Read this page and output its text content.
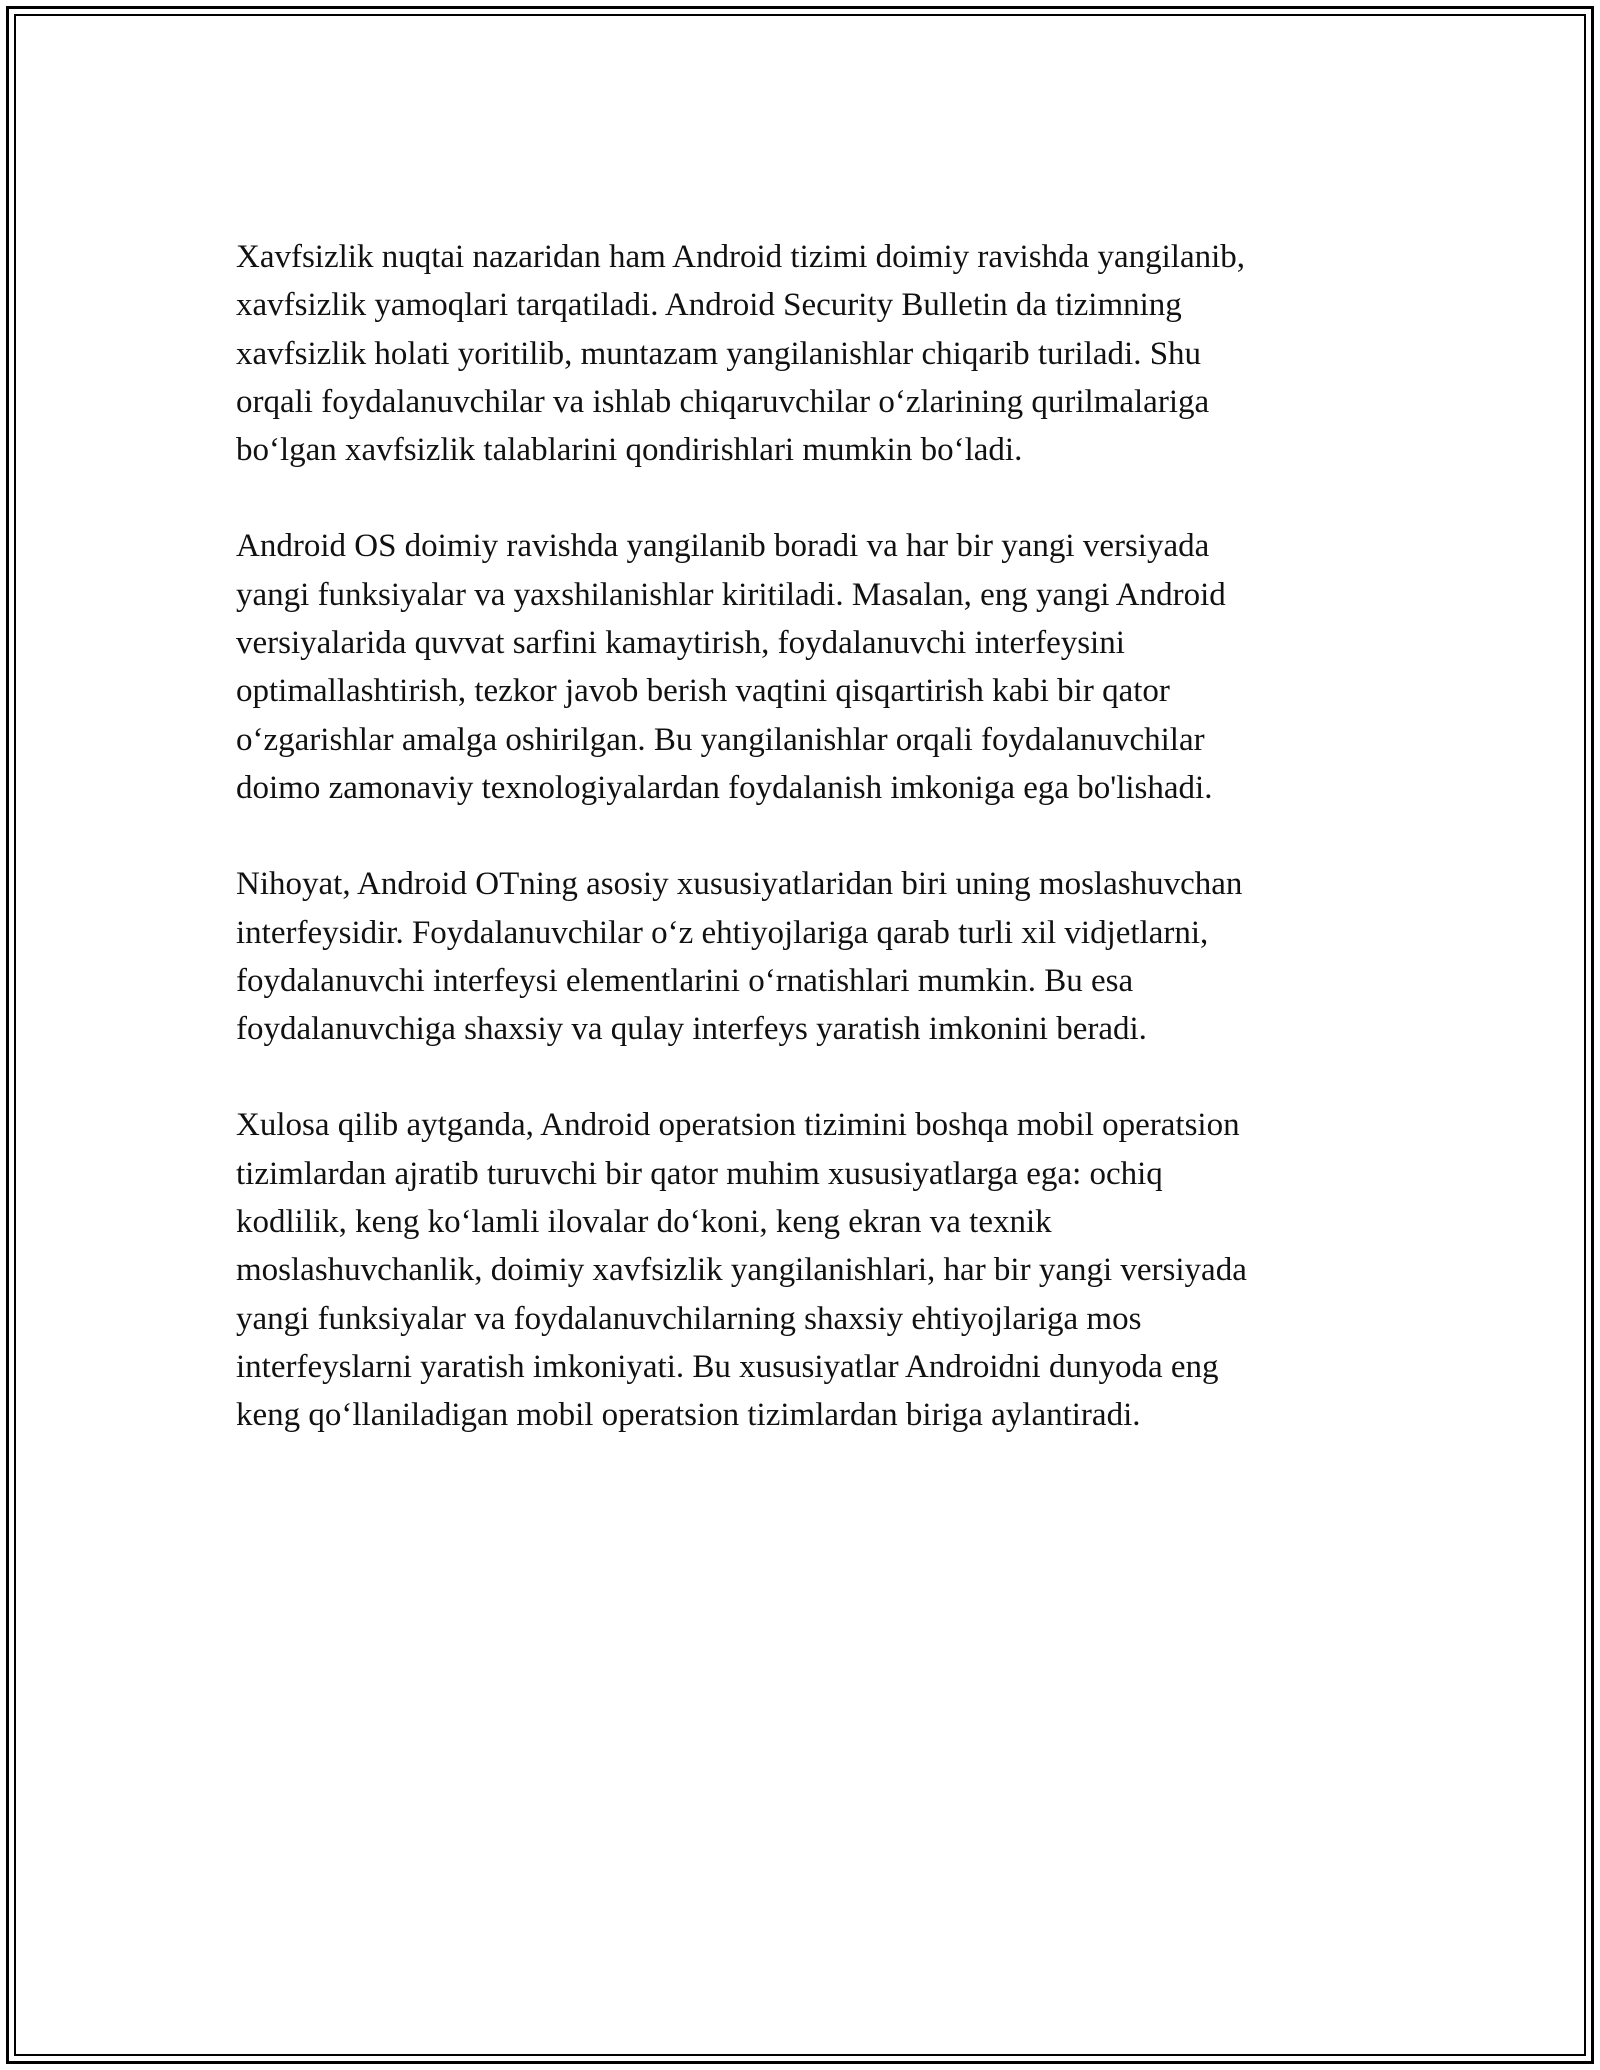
Xavfsizlik nuqtai nazaridan ham Android tizimi doimiy ravishda yangilanib,
xavfsizlik yamoqlari tarqatiladi. Android Security Bulletin da tizimning
xavfsizlik holati yoritilib, muntazam yangilanishlar chiqarib turiladi. Shu
orqali foydalanuvchilar va ishlab chiqaruvchilar o‘zlarining qurilmalariga
bo‘lgan xavfsizlik talablarini qondirishlari mumkin bo‘ladi.

Android OS doimiy ravishda yangilanib boradi va har bir yangi versiyada
yangi funksiyalar va yaxshilanishlar kiritiladi. Masalan, eng yangi Android
versiyalarida quvvat sarfini kamaytirish, foydalanuvchi interfeysini
optimallashtirish, tezkor javob berish vaqtini qisqartirish kabi bir qator
o‘zgarishlar amalga oshirilgan. Bu yangilanishlar orqali foydalanuvchilar
doimo zamonaviy texnologiyalardan foydalanish imkoniga ega bo'lishadi.

Nihoyat, Android OTning asosiy xususiyatlaridan biri uning moslashuvchan
interfeysidir. Foydalanuvchilar o‘z ehtiyojlariga qarab turli xil vidjetlarni,
foydalanuvchi interfeysi elementlarini o‘rnatishlari mumkin. Bu esa
foydalanuvchiga shaxsiy va qulay interfeys yaratish imkonini beradi.

Xulosa qilib aytganda, Android operatsion tizimini boshqa mobil operatsion
tizimlardan ajratib turuvchi bir qator muhim xususiyatlarga ega: ochiq
kodlilik, keng ko‘lamli ilovalar do‘koni, keng ekran va texnik
moslashuvchanlik, doimiy xavfsizlik yangilanishlari, har bir yangi versiyada
yangi funksiyalar va foydalanuvchilarning shaxsiy ehtiyojlariga mos
interfeyslarni yaratish imkoniyati. Bu xususiyatlar Androidni dunyoda eng
keng qo‘llaniladigan mobil operatsion tizimlardan biriga aylantiradi.
